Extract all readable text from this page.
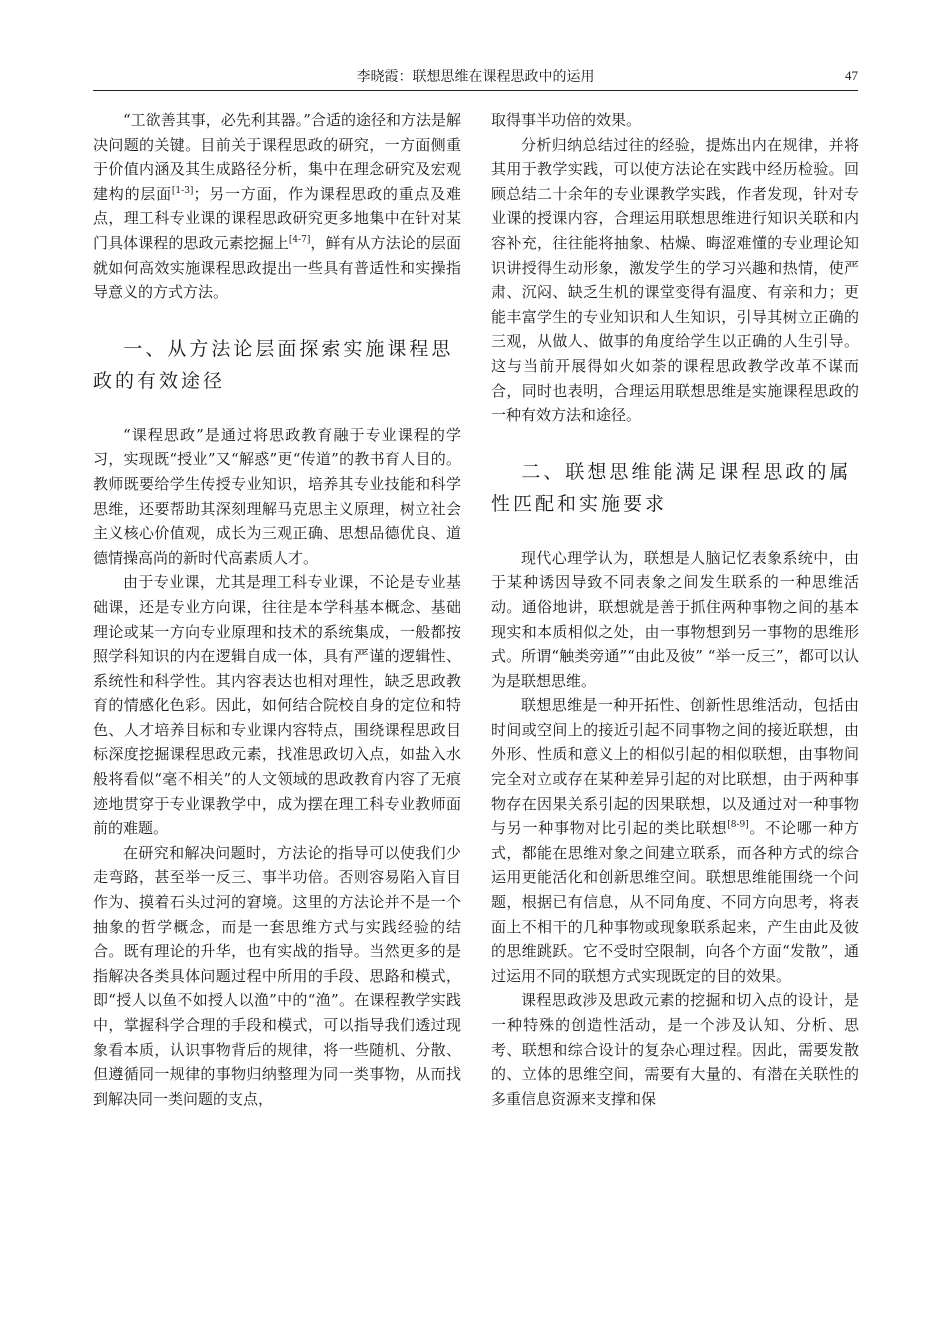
李晓霞：联想思维在课程思政中的运用	47

“工欲善其事，必先利其器。”合适的途径和方法是解决问题的关键。目前关于课程思政的研究，一方面侧重于价值内涵及其生成路径分析，集中在理念研究及宏观建构的层面[1-3]；另一方面，作为课程思政的重点及难点，理工科专业课的课程思政研究更多地集中在针对某门具体课程的思政元素挖掘上[4-7]，鲜有从方法论的层面就如何高效实施课程思政提出一些具有普适性和实操指导意义的方式方法。

一、从方法论层面探索实施课程思政的有效途径

“课程思政”是通过将思政教育融于专业课程的学习，实现既“授业”又“解惑”更“传道”的教书育人目的。教师既要给学生传授专业知识，培养其专业技能和科学思维，还要帮助其深刻理解马克思主义原理，树立社会主义核心价值观，成长为三观正确、思想品德优良、道德情操高尚的新时代高素质人才。

由于专业课，尤其是理工科专业课，不论是专业基础课，还是专业方向课，往往是本学科基本概念、基础理论或某一方向专业原理和技术的系统集成，一般都按照学科知识的内在逻辑自成一体，具有严谨的逻辑性、系统性和科学性。其内容表达也相对理性，缺乏思政教育的情感化色彩。因此，如何结合院校自身的定位和特色、人才培养目标和专业课内容特点，围绕课程思政目标深度挖掘课程思政元素，找准思政切入点，如盐入水般将看似“毫不相关”的人文领域的思政教育内容了无痕迹地贯穿于专业课教学中，成为摆在理工科专业教师面前的难题。

在研究和解决问题时，方法论的指导可以使我们少走弯路，甚至举一反三、事半功倍。否则容易陷入盲目作为、摸着石头过河的窘境。这里的方法论并不是一个抽象的哲学概念，而是一套思维方式与实践经验的结合。既有理论的升华，也有实战的指导。当然更多的是指解决各类具体问题过程中所用的手段、思路和模式，即“授人以鱼不如授人以渔”中的“渔”。在课程教学实践中，掌握科学合理的手段和模式，可以指导我们透过现象看本质，认识事物背后的规律，将一些随机、分散、但遵循同一规律的事物归纳整理为同一类事物，从而找到解决同一类问题的支点，

取得事半功倍的效果。

分析归纳总结过往的经验，提炼出内在规律，并将其用于教学实践，可以使方法论在实践中经历检验。回顾总结二十余年的专业课教学实践，作者发现，针对专业课的授课内容，合理运用联想思维进行知识关联和内容补充，往往能将抽象、枯燥、晦涩难懂的专业理论知识讲授得生动形象，激发学生的学习兴趣和热情，使严肃、沉闷、缺乏生机的课堂变得有温度、有亲和力；更能丰富学生的专业知识和人生知识，引导其树立正确的三观，从做人、做事的角度给学生以正确的人生引导。这与当前开展得如火如荼的课程思政教学改革不谋而合，同时也表明，合理运用联想思维是实施课程思政的一种有效方法和途径。

二、联想思维能满足课程思政的属性匹配和实施要求

现代心理学认为，联想是人脑记忆表象系统中，由于某种诱因导致不同表象之间发生联系的一种思维活动。通俗地讲，联想就是善于抓住两种事物之间的基本现实和本质相似之处，由一事物想到另一事物的思维形式。所谓“触类旁通”“由此及彼” “举一反三”，都可以认为是联想思维。

联想思维是一种开拓性、创新性思维活动，包括由时间或空间上的接近引起不同事物之间的接近联想，由外形、性质和意义上的相似引起的相似联想，由事物间完全对立或存在某种差异引起的对比联想，由于两种事物存在因果关系引起的因果联想，以及通过对一种事物与另一种事物对比引起的类比联想[8-9]。不论哪一种方式，都能在思维对象之间建立联系，而各种方式的综合运用更能活化和创新思维空间。联想思维能围绕一个问题，根据已有信息，从不同角度、不同方向思考，将表面上不相干的几种事物或现象联系起来，产生由此及彼的思维跳跃。它不受时空限制，向各个方面“发散”，通过运用不同的联想方式实现既定的目的效果。

课程思政涉及思政元素的挖掘和切入点的设计，是一种特殊的创造性活动，是一个涉及认知、分析、思考、联想和综合设计的复杂心理过程。因此，需要发散的、立体的思维空间，需要有大量的、有潜在关联性的多重信息资源来支撑和保
